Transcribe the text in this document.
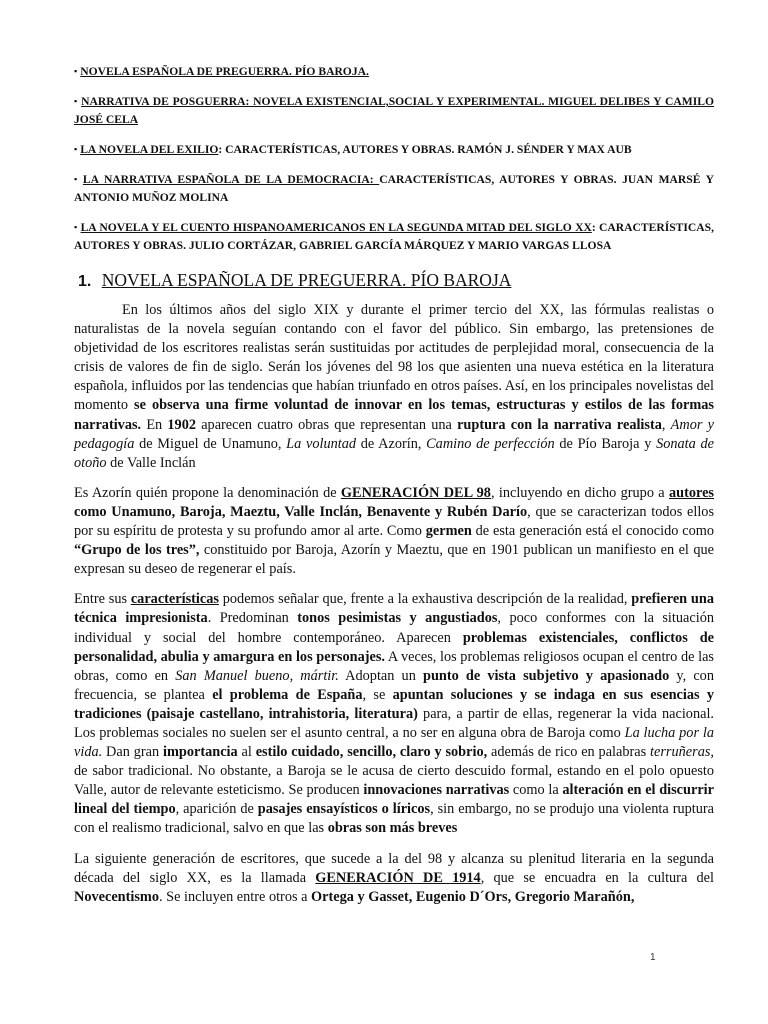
▪ NOVELA ESPAÑOLA DE PREGUERRA. PÍO BAROJA.
▪ NARRATIVA DE POSGUERRA: NOVELA EXISTENCIAL,SOCIAL Y EXPERIMENTAL. MIGUEL DELIBES Y CAMILO JOSÉ CELA
▪ LA NOVELA DEL EXILIO: CARACTERÍSTICAS, AUTORES Y OBRAS. RAMÓN J. SÉNDER Y MAX AUB
▪ LA NARRATIVA ESPAÑOLA DE LA DEMOCRACIA: CARACTERÍSTICAS, AUTORES Y OBRAS. JUAN MARSÉ Y ANTONIO MUÑOZ MOLINA
▪ LA NOVELA Y EL CUENTO HISPANOAMERICANOS EN LA SEGUNDA MITAD DEL SIGLO XX: CARACTERÍSTICAS, AUTORES Y OBRAS. JULIO CORTÁZAR, GABRIEL GARCÍA MÁRQUEZ Y MARIO VARGAS LLOSA
1. NOVELA ESPAÑOLA DE PREGUERRA. PÍO BAROJA

En los últimos años del siglo XIX y durante el primer tercio del XX, las fórmulas realistas o naturalistas de la novela seguían contando con el favor del público. Sin embargo, las pretensiones de objetividad de los escritores realistas serán sustituidas por actitudes de perplejidad moral, consecuencia de la crisis de valores de fin de siglo. Serán los jóvenes del 98 los que asienten una nueva estética en la literatura española, influidos por las tendencias que habían triunfado en otros países. Así, en los principales novelistas del momento se observa una firme voluntad de innovar en los temas, estructuras y estilos de las formas narrativas. En 1902 aparecen cuatro obras que representan una ruptura con la narrativa realista, Amor y pedagogía de Miguel de Unamuno, La voluntad de Azorín, Camino de perfección de Pío Baroja y Sonata de otoño de Valle Inclán

Es Azorín quién propone la denominación de GENERACIÓN DEL 98, incluyendo en dicho grupo a autores como Unamuno, Baroja, Maeztu, Valle Inclán, Benavente y Rubén Darío, que se caracterizan todos ellos por su espíritu de protesta y su profundo amor al arte. Como germen de esta generación está el conocido como “Grupo de los tres”, constituido por Baroja, Azorín y Maeztu, que en 1901 publican un manifiesto en el que expresan su deseo de regenerar el país.

Entre sus características podemos señalar que, frente a la exhaustiva descripción de la realidad, prefieren una técnica impresionista. Predominan tonos pesimistas y angustiados, poco conformes con la situación individual y social del hombre contemporáneo. Aparecen problemas existenciales, conflictos de personalidad, abulia y amargura en los personajes. A veces, los problemas religiosos ocupan el centro de las obras, como en San Manuel bueno, mártir. Adoptan un punto de vista subjetivo y apasionado y, con frecuencia, se plantea el problema de España, se apuntan soluciones y se indaga en sus esencias y tradiciones (paisaje castellano, intrahistoria, literatura) para, a partir de ellas, regenerar la vida nacional. Los problemas sociales no suelen ser el asunto central, a no ser en alguna obra de Baroja como La lucha por la vida. Dan gran importancia al estilo cuidado, sencillo, claro y sobrio, además de rico en palabras terruñeras, de sabor tradicional. No obstante, a Baroja se le acusa de cierto descuido formal, estando en el polo opuesto Valle, autor de relevante esteticismo. Se producen innovaciones narrativas como la alteración en el discurrir lineal del tiempo, aparición de pasajes ensayísticos o líricos, sin embargo, no se produjo una violenta ruptura con el realismo tradicional, salvo en que las obras son más breves

La siguiente generación de escritores, que sucede a la del 98 y alcanza su plenitud literaria en la segunda década del siglo XX, es la llamada GENERACIÓN DE 1914, que se encuadra en la cultura del Novecentismo. Se incluyen entre otros a Ortega y Gasset, Eugenio D´Ors, Gregorio Marañón,

1
